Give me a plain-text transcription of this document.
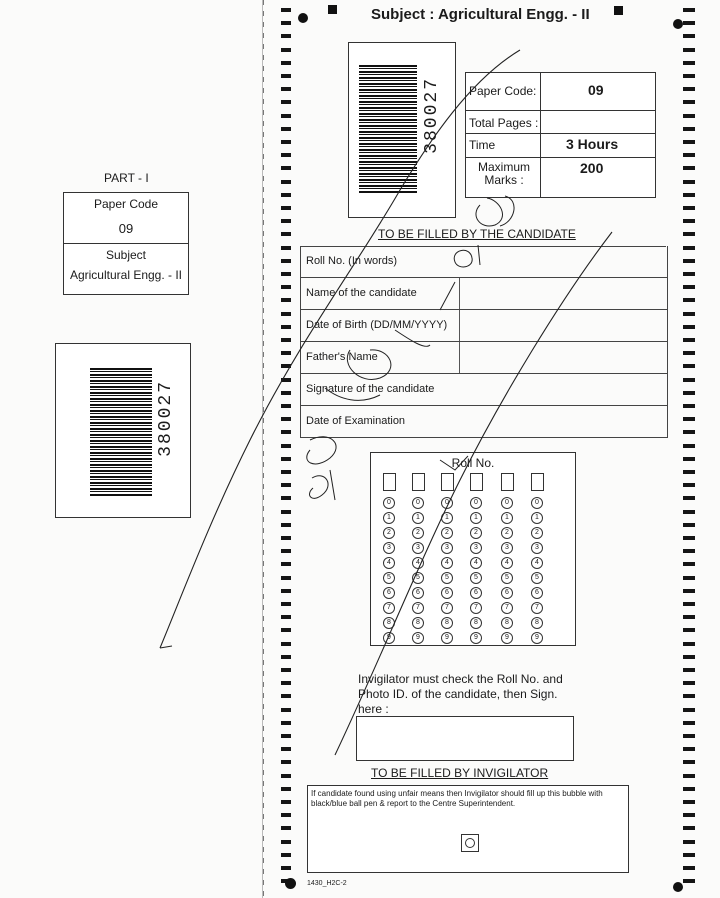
Subject : Agricultural Engg. - II
380027 Paper Code:	09
Total Pages :
Time	3 Hours
Maximum Marks :
200
PART - I
Paper Code
09
Subject
Agricultural Engg. - II
380027
TO BE FILLED BY THE CANDIDATE
Roll No. (In words)
Name of the candidate
Date of Birth (DD/MM/YYYY)
Father's Name
Signature of the candidate
Date of Examination
Roll No.
0
1
2
3
4
5
6
7
8
9
0
1
2
3
4
5
6
7
8
9
0
1
2
3
4
5
6
7
8
9
0
1
2
3
4
5
6
7
8
9
0
1
2
3
4
5
6
7
8
9
0
1
2
3
4
5
6
7
8
9
Invigilator must check the Roll No. and Photo ID. of the candidate, then Sign. here :
TO BE FILLED BY INVIGILATOR
If candidate found using unfair means then Invigilator should fill up this bubble with black/blue ball pen & report to the Centre Superintendent.
1430_H2C-2
